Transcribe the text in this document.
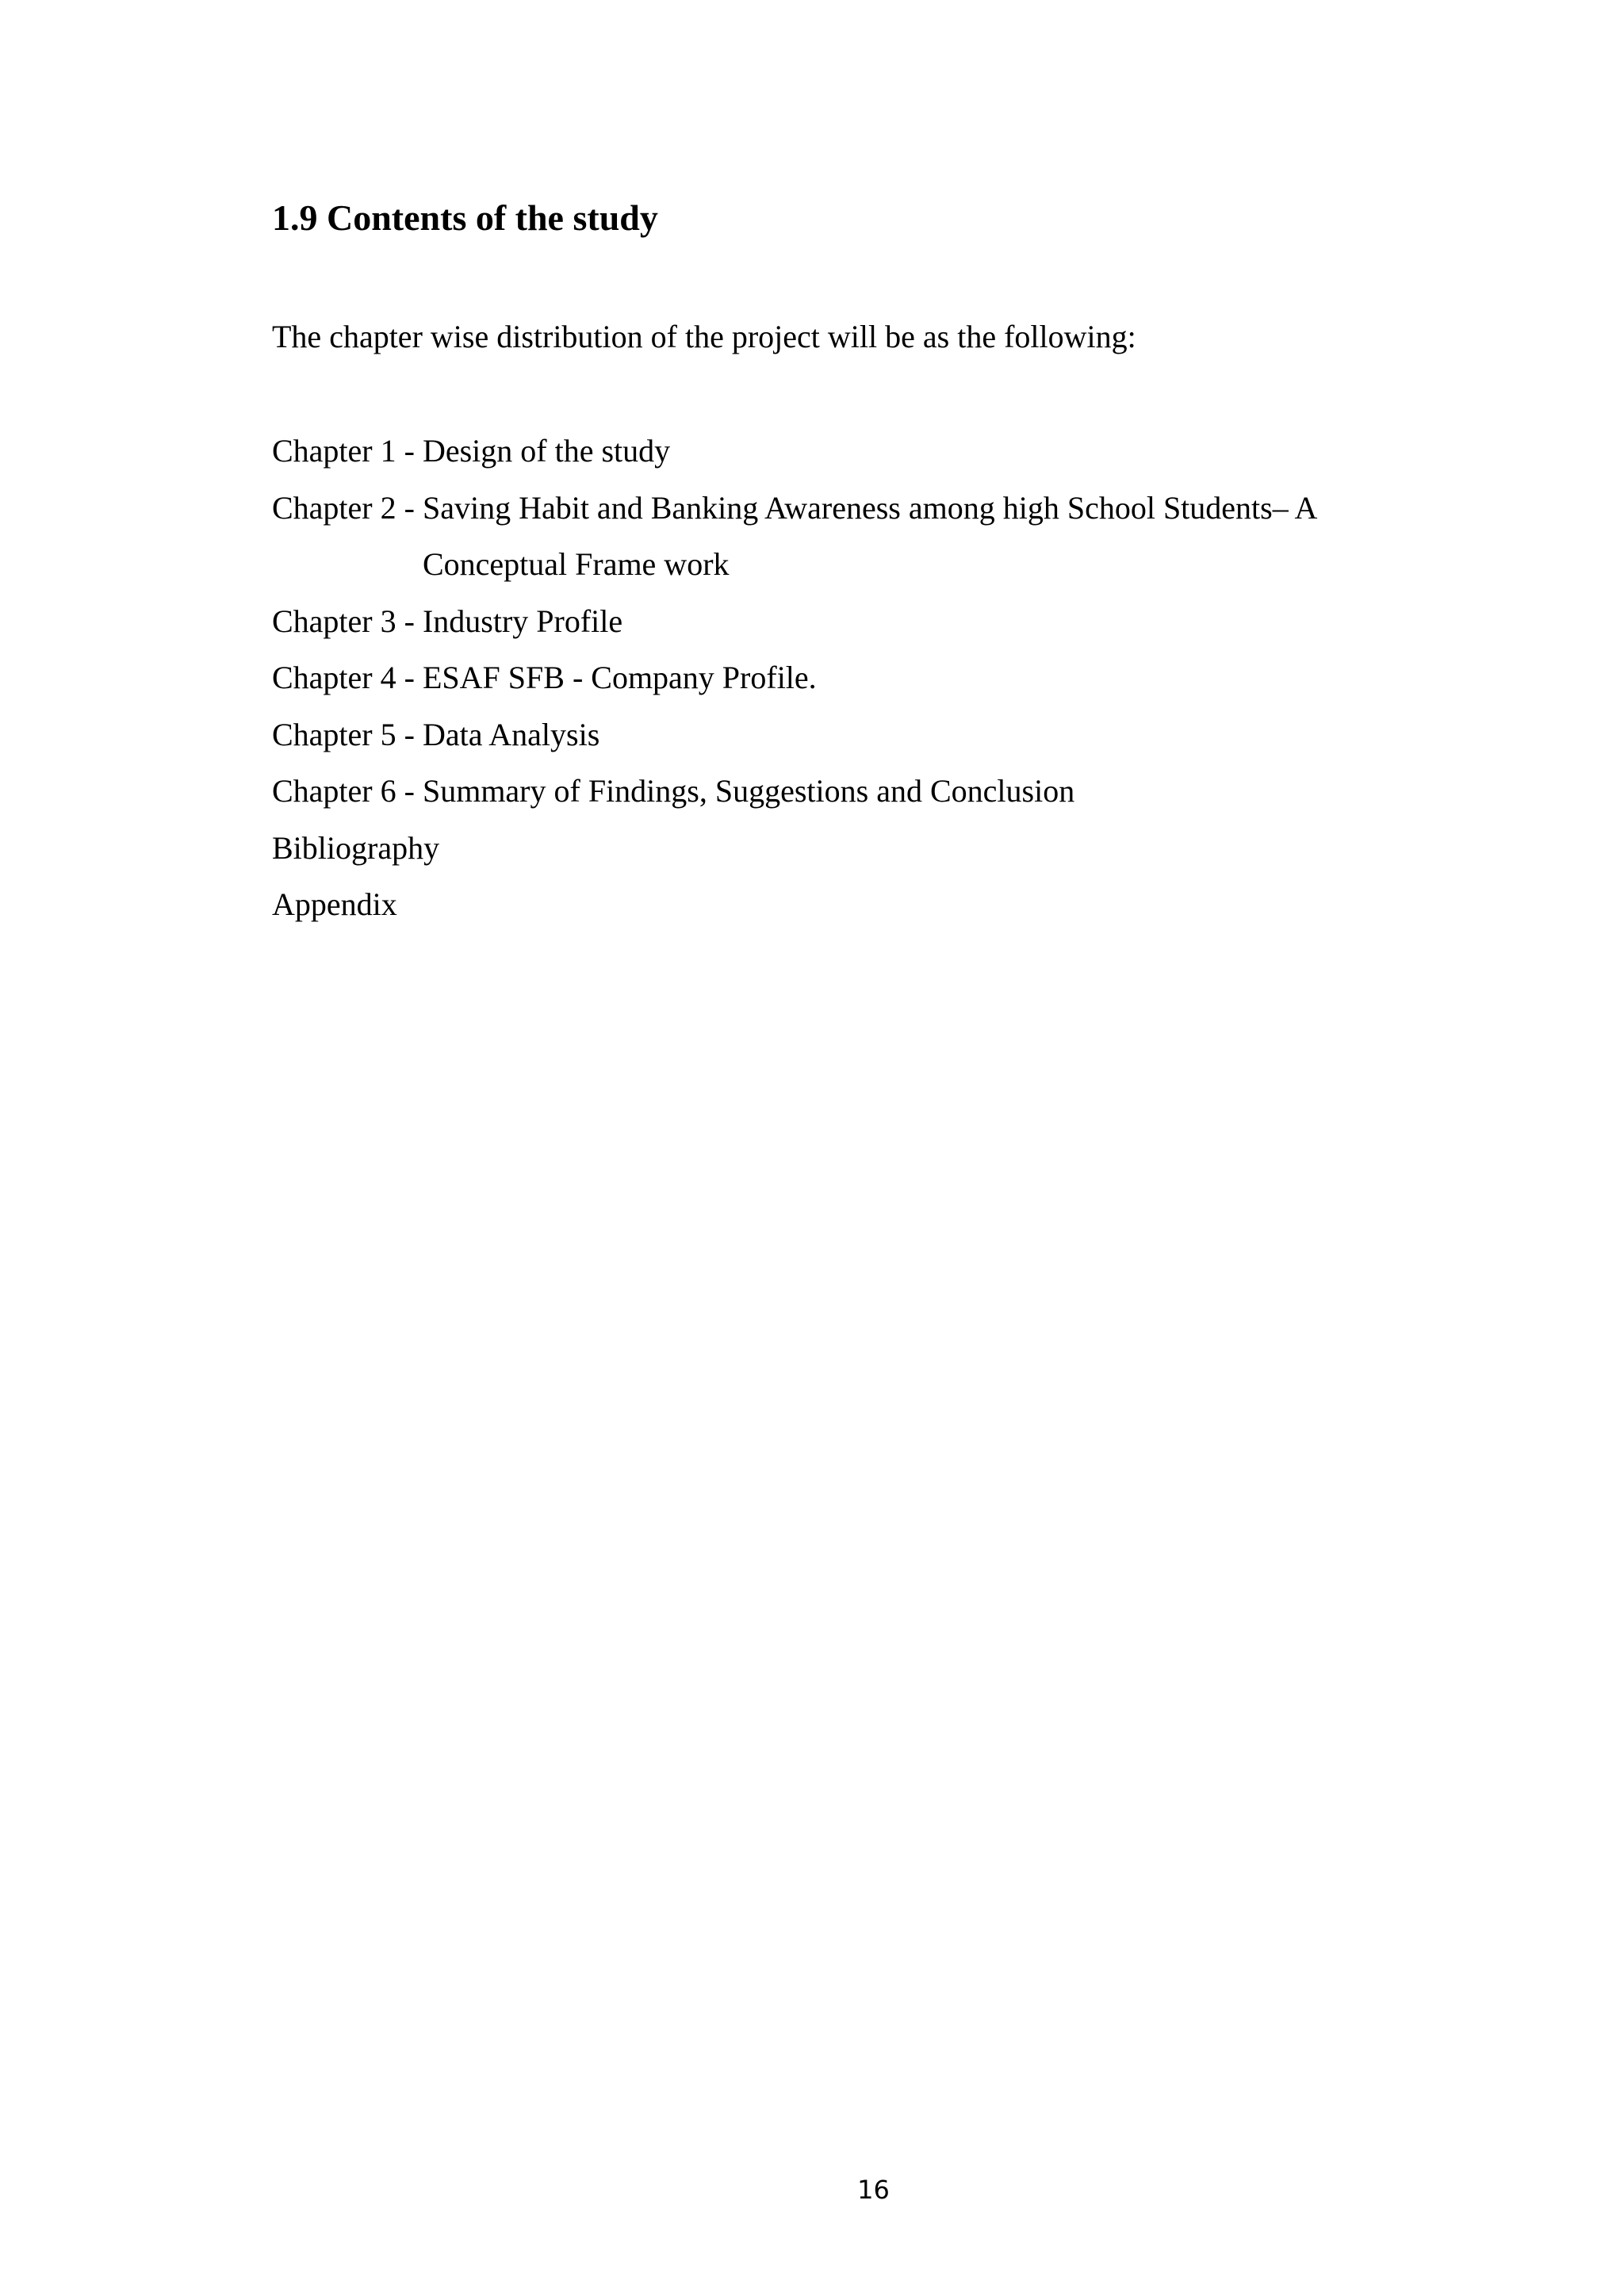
1.9 Contents of the study

The chapter wise distribution of the project will be as the following:

Chapter 1 - Design of the study
Chapter 2 - Saving Habit and Banking Awareness among high School Students– A Conceptual Frame work
Chapter 3 - Industry Profile
Chapter 4 - ESAF SFB - Company Profile.
Chapter 5 - Data Analysis
Chapter 6 - Summary of Findings, Suggestions and Conclusion
Bibliography
Appendix
16
